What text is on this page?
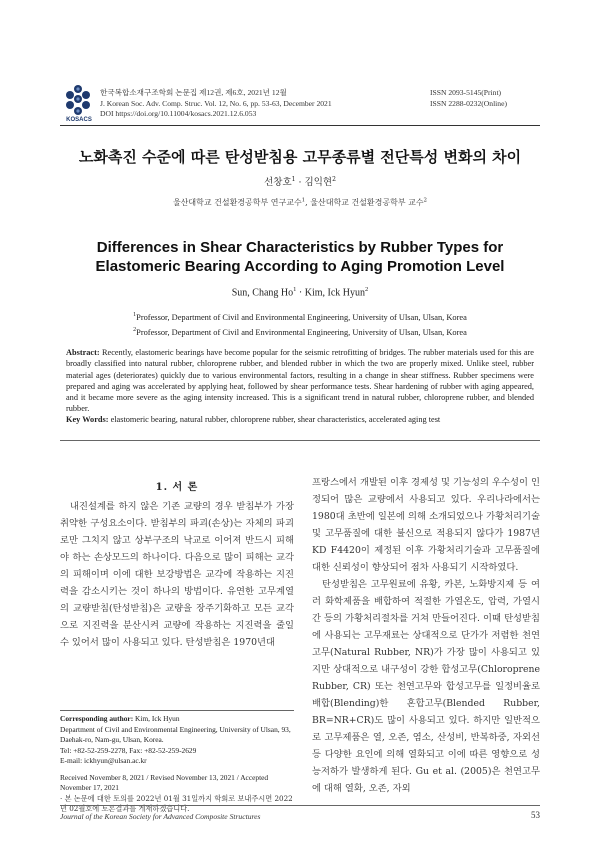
KOSACS
한국복합소재구조학회 논문집 제12권, 제6호, 2021년 12월
J. Korean Soc. Adv. Comp. Struc. Vol. 12, No. 6, pp. 53-63, December 2021
DOI https://doi.org/10.11004/kosacs.2021.12.6.053
ISSN 2093-5145(Print)
ISSN 2288-0232(Online)
노화촉진 수준에 따른 탄성받침용 고무종류별 전단특성 변화의 차이
선창호$^1$ · 김익현$^2$
울산대학교 건설환경공학부 연구교수$^1$, 울산대학교 건설환경공학부 교수$^2$
Differences in Shear Characteristics by Rubber Types for
Elastomeric Bearing According to Aging Promotion Level
Sun, Chang $Ho^1$ · Kim, Ick Hyun$^2$
$^1$Professor, Department of Civil and Environmental Engineering, University of Ulsan, Ulsan, Korea
$^2$Professor, Department of Civil and Environmental Engineering, University of Ulsan, Ulsan, Korea
Abstract: Recently, elastomeric bearings have become popular for the seismic retrofitting of bridges. The rubber materials used for this are broadly classified into natural rubber, chloroprene rubber, and blended rubber in which the two are properly mixed. Unlike steel, rubber material ages (deteriorates) quickly due to various environmental factors, resulting in a change in shear stiffness. Rubber specimens were prepared and aging was accelerated by applying heat, followed by shear performance tests. Shear hardening of rubber with aging appeared, and it became more severe as the aging intensity increased. This is a significant trend in natural rubber, chloroprene rubber, and blended rubber.
Key Words: elastomeric bearing, natural rubber, chloroprene rubber, shear characteristics, accelerated aging test
1. 서 론

내진설계를 하지 않은 기존 교량의 경우 받침부가 가장 취약한 구성요소이다. 받침부의 파괴(손상)는 자체의 파괴로만 그치지 않고 상부구조의 낙교로 이어져 반드시 피해야 하는 손상모드의 하나이다. 다음으로 많이 피해는 교각의 피해이며 이에 대한 보강방법은 교각에 작용하는 지진력을 감소시키는 것이 하나의 방법이다. 유연한 고무계열의 교량받침(탄성받침)은 교량을 장주기화하고 모든 교각으로 지진력을 분산시켜 교량에 작용하는 지진력을 줄일 수 있어서 많이 사용되고 있다. 탄성받침은 1970년대

Corresponding author: Kim, Ick Hyun
Department of Civil and Environmental Engineering, University of Ulsan, 93, Daehak-ro, Nam-gu, Ulsan, Korea.
Tel: +82-52-259-2278, Fax: +82-52-259-2629
E-mail: ickhyun@ulsan.ac.kr
Received November 8, 2021 / Revised November 13, 2021 / Accepted November 17, 2021
· 본 논문에 대한 토의를 2022년 01월 31일까지 학회로 보내주시면 2022년 02월호에 토론결과를 게재하겠습니다.

프랑스에서 개발된 이후 경제성 및 기능성의 우수성이 인정되어 많은 교량에서 사용되고 있다. 우리나라에서는 1980대 초반에 일본에 의해 소개되었으나 가황처리기술 및 고무품질에 대한 불신으로 적용되지 않다가 1987년 KD F4420이 제정된 이후 가황처리기술과 고무품질에 대한 신뢰성이 향상되어 점차 사용되기 시작하였다.

탄성받침은 고무원료에 유황, 카본, 노화방지제 등 여러 화학제품을 배합하여 적절한 가열온도, 압력, 가열시간 등의 가황처리절차를 거쳐 만들어진다. 이때 탄성받침에 사용되는 고무재료는 상대적으로 단가가 저렴한 천연고무(Natural Rubber, NR)가 가장 많이 사용되고 있지만 상대적으로 내구성이 강한 합성고무(Chloroprene Rubber, CR) 또는 천연고무와 합성고무를 일정비율로 배합(Blending)한 혼합고무(Blended Rubber, BR=NR+CR)도 많이 사용되고 있다. 하지만 일반적으로 고무제품은 열, 오존, 염소, 산성비, 반복하중, 자외선 등 다양한 요인에 의해 열화되고 이에 따른 영향으로 성능저하가 발생하게 된다. Gu et al. (2005)은 천연고무에 대해 열화, 오존, 자외

Journal of the Korean Society for Advanced Composite Structures	53
